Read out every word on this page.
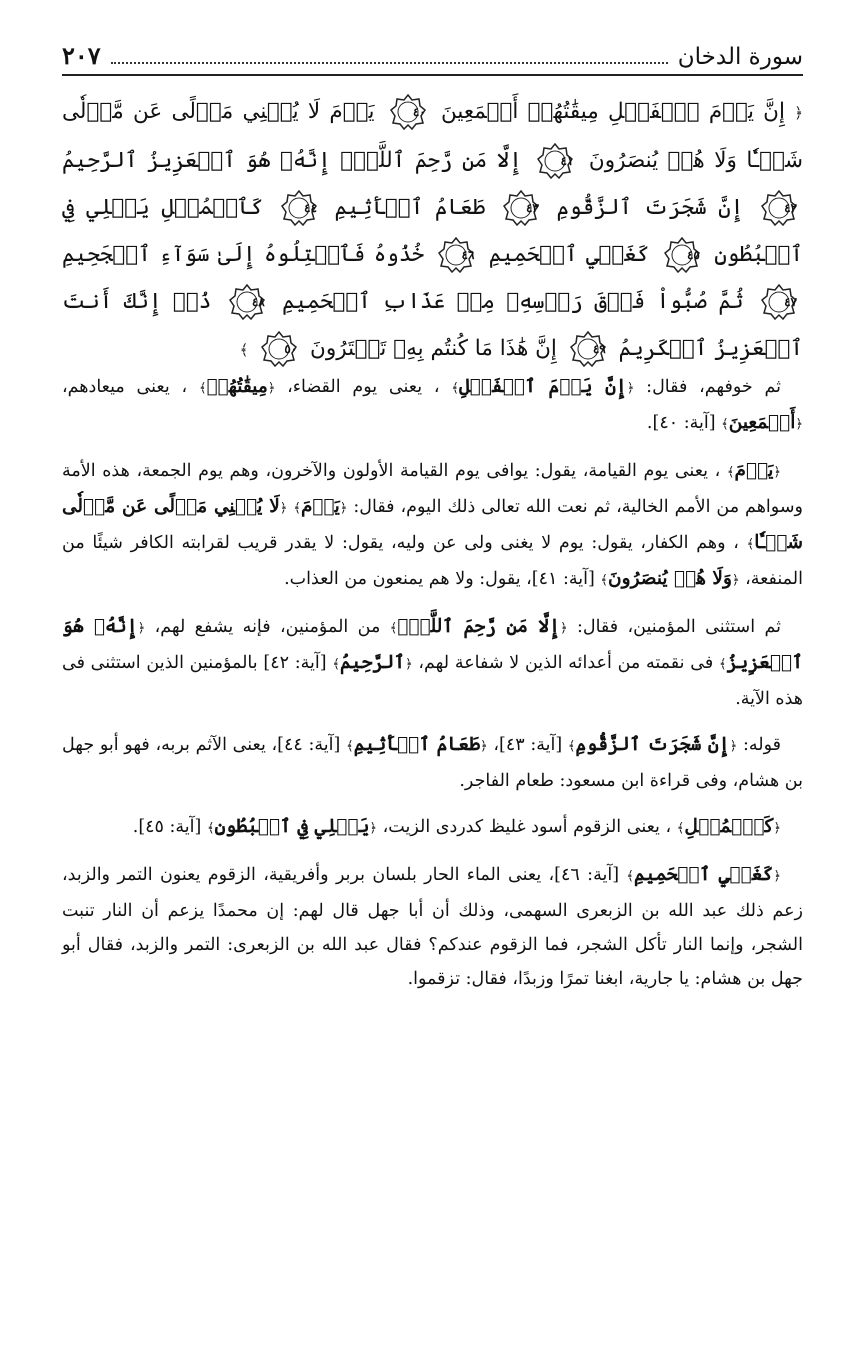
سورة الدخان
٢٠٧
﴿ إِنَّ يَوۡمَ ٱلۡفَصۡلِ مِيقَٰتُهُمۡ أَجۡمَعِينَ
٤٠
يَوۡمَ لَا يُغۡنِي مَوۡلًى عَن مَّوۡلٗى شَيۡـٔٗا وَلَا هُمۡ يُنصَرُونَ
٤١
إِلَّا مَن رَّحِمَ ٱللَّهُۚ إِنَّهُۥ هُوَ ٱلۡعَزِيزُ ٱلرَّحِيمُ
٤٢
إِنَّ شَجَرَتَ ٱلزَّقُّومِ
٤٣
طَعَامُ ٱلۡأَثِيمِ
٤٤
كَٱلۡمُهۡلِ يَغۡلِي فِي ٱلۡبُطُونِ
٤٥
كَغَلۡيِ ٱلۡحَمِيمِ
٤٦
خُذُوهُ فَٱعۡتِلُوهُ إِلَىٰ سَوَآءِ ٱلۡجَحِيمِ
٤٧
ثُمَّ صُبُّواْ فَوۡقَ رَأۡسِهِۦ مِنۡ عَذَابِ ٱلۡحَمِيمِ
٤٨
ذُقۡ إِنَّكَ أَنتَ ٱلۡعَزِيزُ ٱلۡكَرِيمُ
٤٩
إِنَّ هَٰذَا مَا كُنتُم بِهِۦ تَمۡتَرُونَ
٥٠
﴾

ثم خوفهم، فقال: ﴿إِنَّ يَوۡمَ ٱلۡفَصۡلِ﴾ ، يعنى يوم القضاء، ﴿مِيقَٰتُهُمۡ﴾ ، يعنى ميعادهم، ﴿أَجۡمَعِينَ﴾ [آية: ٤٠].

﴿يَوۡمَ﴾ ، يعنى يوم القيامة، يقول: يوافى يوم القيامة الأولون والآخرون، وهم يوم الجمعة، هذه الأمة وسواهم من الأمم الخالية، ثم نعت الله تعالى ذلك اليوم، فقال: ﴿يَوۡمَ﴾ ﴿لَا يُغۡنِي مَوۡلًى عَن مَّوۡلٗى شَيۡـٔٗا﴾ ، وهم الكفار، يقول: يوم لا يغنى ولى عن وليه، يقول: لا يقدر قريب لقرابته الكافر شيئًا من المنفعة، ﴿وَلَا هُمۡ يُنصَرُونَ﴾ [آية: ٤١]، يقول: ولا هم يمنعون من العذاب.

ثم استثنى المؤمنين، فقال: ﴿إِلَّا مَن رَّحِمَ ٱللَّهُۚ﴾ من المؤمنين، فإنه يشفع لهم، ﴿إِنَّهُۥ هُوَ ٱلۡعَزِيزُ﴾ فى نقمته من أعدائه الذين لا شفاعة لهم، ﴿ٱلرَّحِيمُ﴾ [آية: ٤٢] بالمؤمنين الذين استثنى فى هذه الآية.

قوله: ﴿إِنَّ شَجَرَتَ ٱلزَّقُّومِ﴾ [آية: ٤٣]، ﴿طَعَامُ ٱلۡأَثِيمِ﴾ [آية: ٤٤]، يعنى الآثم بربه، فهو أبو جهل بن هشام، وفى قراءة ابن مسعود: طعام الفاجر.

﴿كَٱلۡمُهۡلِ﴾ ، يعنى الزقوم أسود غليظ كدردى الزيت، ﴿يَغۡلِي فِي ٱلۡبُطُونِ﴾ [آية: ٤٥].

﴿كَغَلۡيِ ٱلۡحَمِيمِ﴾ [آية: ٤٦]، يعنى الماء الحار بلسان بربر وأفريقية، الزقوم يعنون التمر والزبد، زعم ذلك عبد الله بن الزبعرى السهمى، وذلك أن أبا جهل قال لهم: إن محمدًا يزعم أن النار تنبت الشجر، وإنما النار تأكل الشجر، فما الزقوم عندكم؟ فقال عبد الله بن الزبعرى: التمر والزبد، فقال أبو جهل بن هشام: يا جارية، ابغنا تمرًا وزبدًا، فقال: تزقموا.
